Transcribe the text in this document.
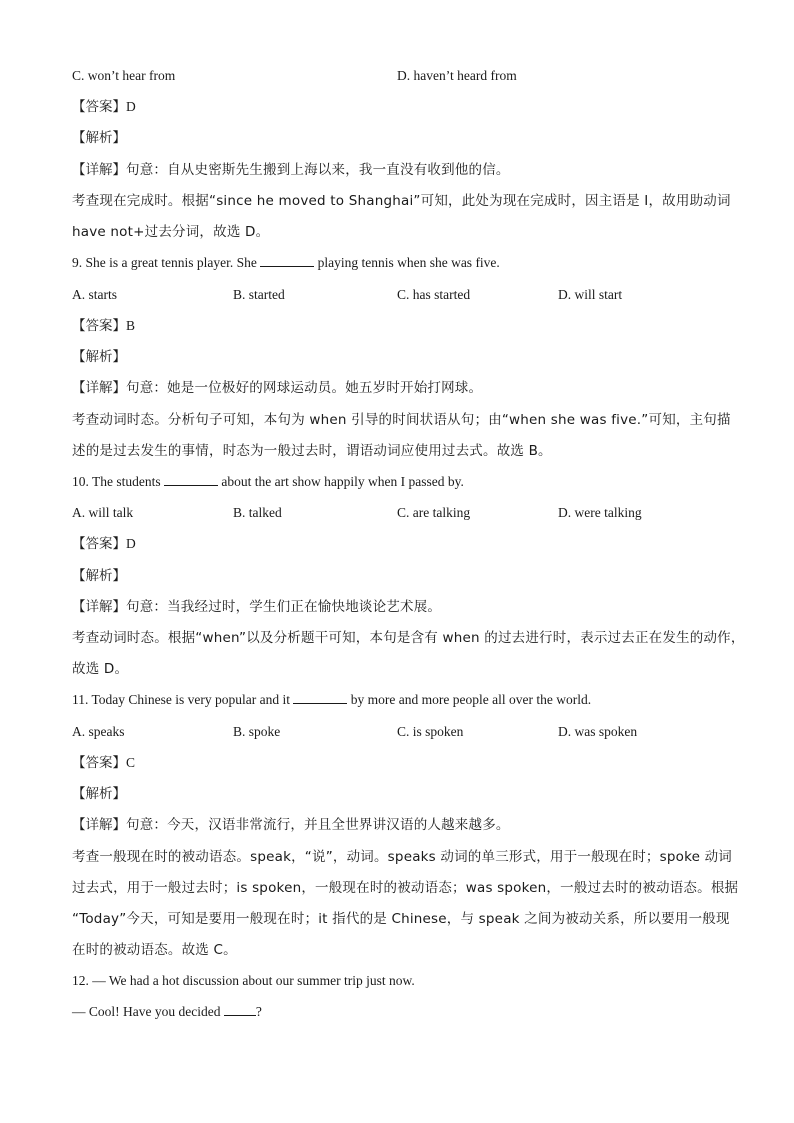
C. won’t hear from	D. haven’t heard from
【答案】D
【解析】
【详解】句意：自从史密斯先生搬到上海以来，我一直没有收到他的信。
考查现在完成时。根据“since he moved to Shanghai”可知，此处为现在完成时，因主语是 I，故用助动词
have not+过去分词，故选 D。
9. She is a great tennis player. She	playing tennis when she was five.
A. starts	B. started	C. has started	D. will start
【答案】B
【解析】
【详解】句意：她是一位极好的网球运动员。她五岁时开始打网球。
考查动词时态。分析句子可知，本句为 when 引导的时间状语从句；由“when she was five.”可知，主句描
述的是过去发生的事情，时态为一般过去时，谓语动词应使用过去式。故选 B。
10. The students	about the art show happily when I passed by.
A. will talk	B. talked	C. are talking	D. were talking
【答案】D
【解析】
【详解】句意：当我经过时，学生们正在愉快地谈论艺术展。
考查动词时态。根据“when”以及分析题干可知，本句是含有 when 的过去进行时，表示过去正在发生的动作，
故选 D。
11. Today Chinese is very popular and it	by more and more people all over the world.
A. speaks	B. spoke	C. is spoken	D. was spoken
【答案】C
【解析】
【详解】句意：今天，汉语非常流行，并且全世界讲汉语的人越来越多。
考查一般现在时的被动语态。speak，“说”，动词。speaks 动词的单三形式，用于一般现在时；spoke 动词
过去式，用于一般过去时；is spoken，一般现在时的被动语态；was spoken，一般过去时的被动语态。根据
“Today”今天，可知是要用一般现在时；it 指代的是 Chinese，与 speak 之间为被动关系，所以要用一般现
在时的被动语态。故选 C。
12. — We had a hot discussion about our summer trip just now.
— Cool! Have you decided	?
